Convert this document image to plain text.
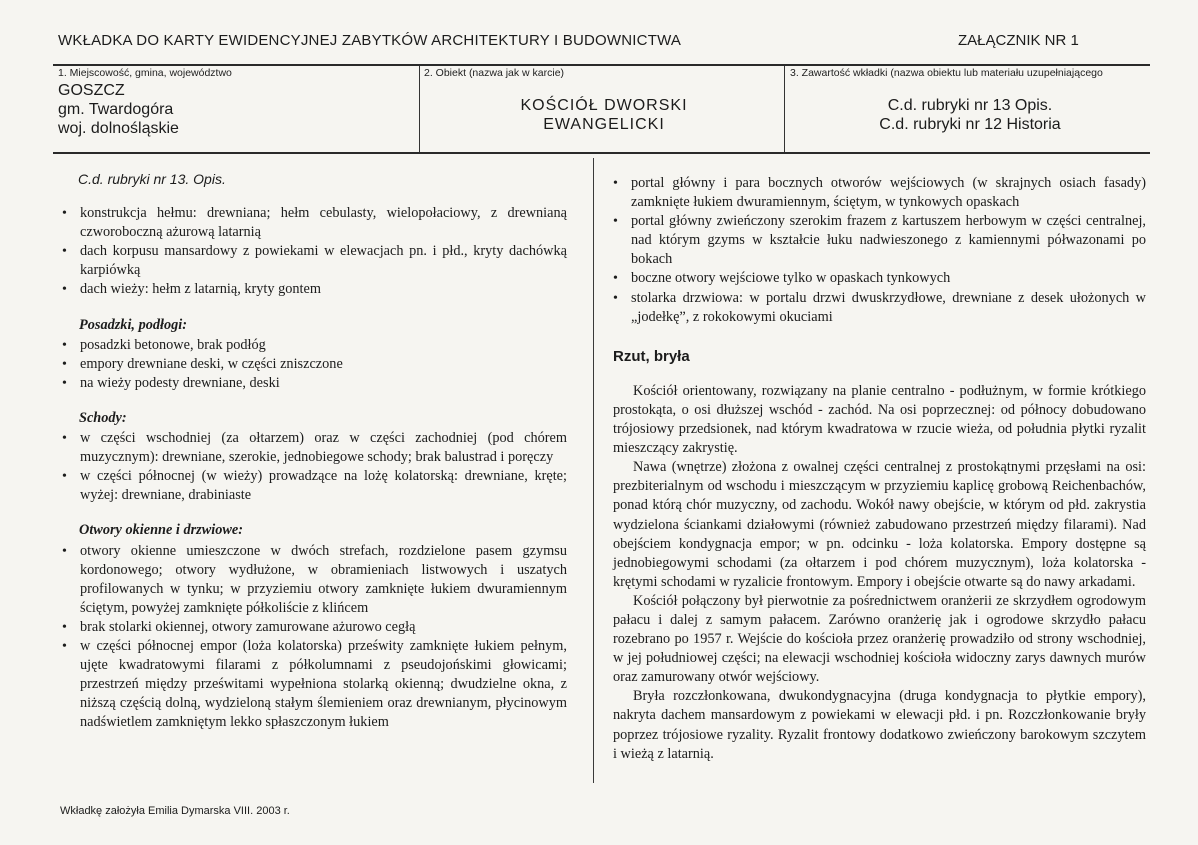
WKŁADKA DO KARTY EWIDENCYJNEJ ZABYTKÓW ARCHITEKTURY I BUDOWNICTWA	ZAŁĄCZNIK NR 1
1. Miejscowość, gmina, województwo
GOSZCZ
gm. Twardogóra
woj. dolnośląskie
2. Obiekt (nazwa jak w karcie)
KOŚCIÓŁ DWORSKI
EWANGELICKI
3. Zawartość wkładki (nazwa obiektu lub materiału uzupełniającego
C.d. rubryki nr 13 Opis.
C.d. rubryki nr 12 Historia
C.d. rubryki nr 13. Opis.
• konstrukcja hełmu: drewniana; hełm cebulasty, wielopołaciowy, z drewnianą czworoboczną ażurową latarnią
• dach korpusu mansardowy z powiekami w elewacjach pn. i płd., kryty dachówką karpiówką
• dach wieży: hełm z latarnią, kryty gontem
Posadzki, podłogi:
• posadzki betonowe, brak podłóg
• empory drewniane deski, w części zniszczone
• na wieży podesty drewniane, deski
Schody:
• w części wschodniej (za ołtarzem) oraz w części zachodniej (pod chórem muzycznym): drewniane, szerokie, jednobiegowe schody; brak balustrad i poręczy
• w części północnej (w wieży) prowadzące na lożę kolatorską: drewniane, kręte; wyżej: drewniane, drabiniaste
Otwory okienne i drzwiowe:
• otwory okienne umieszczone w dwóch strefach, rozdzielone pasem gzymsu kordonowego; otwory wydłużone, w obramieniach listwowych i uszatych profilowanych w tynku; w przyziemiu otwory zamknięte łukiem dwuramiennym ściętym, powyżej zamknięte półkoliście z klińcem
• brak stolarki okiennej, otwory zamurowane ażurowo cegłą
• w części północnej empor (loża kolatorska) prześwity zamknięte łukiem pełnym, ujęte kwadratowymi filarami z półkolumnami z pseudojońskimi głowicami; przestrzeń między prześwitami wypełniona stolarką okienną; dwudzielne okna, z niższą częścią dolną, wydzieloną stałym ślemieniem oraz drewnianym, płycinowym nadświetlem zamkniętym lekko spłaszczonym łukiem
• portal główny i para bocznych otworów wejściowych (w skrajnych osiach fasady) zamknięte łukiem dwuramiennym, ściętym, w tynkowych opaskach
• portal główny zwieńczony szerokim frazem z kartuszem herbowym w części centralnej, nad którym gzyms w kształcie łuku nadwieszonego z kamiennymi półwazonami po bokach
• boczne otwory wejściowe tylko w opaskach tynkowych
• stolarka drzwiowa: w portalu drzwi dwuskrzydłowe, drewniane z desek ułożonych w „jodełkę”, z rokokowymi okuciami
Rzut, bryła

Kościół orientowany, rozwiązany na planie centralno - podłużnym, w formie krótkiego prostokąta, o osi dłuższej wschód - zachód. Na osi poprzecznej: od północy dobudowano trójosiowy przedsionek, nad którym kwadratowa w rzucie wieża, od południa płytki ryzalit mieszczący zakrystię.

Nawa (wnętrze) złożona z owalnej części centralnej z prostokątnymi przęsłami na osi: prezbiterialnym od wschodu i mieszczącym w przyziemiu kaplicę grobową Reichenbachów, ponad którą chór muzyczny, od zachodu. Wokół nawy obejście, w którym od płd. zakrystia wydzielona ściankami działowymi (również zabudowano przestrzeń między filarami). Nad obejściem kondygnacja empor; w pn. odcinku - loża kolatorska. Empory dostępne są jednobiegowymi schodami (za ołtarzem i pod chórem muzycznym), loża kolatorska - krętymi schodami w ryzalicie frontowym. Empory i obejście otwarte są do nawy arkadami.

Kościół połączony był pierwotnie za pośrednictwem oranżerii ze skrzydłem ogrodowym pałacu i dalej z samym pałacem. Zarówno oranżerię jak i ogrodowe skrzydło pałacu rozebrano po 1957 r. Wejście do kościoła przez oranżerię prowadziło od strony wschodniej, w jej południowej części; na elewacji wschodniej kościoła widoczny zarys dawnych murów oraz zamurowany otwór wejściowy.

Bryła rozczłonkowana, dwukondygnacyjna (druga kondygnacja to płytkie empory), nakryta dachem mansardowym z powiekami w elewacji płd. i pn. Rozczłonkowanie bryły poprzez trójosiowe ryzality. Ryzalit frontowy dodatkowo zwieńczony barokowym szczytem i wieżą z latarnią.

Wkładkę założyła Emilia Dymarska VIII. 2003 r.
